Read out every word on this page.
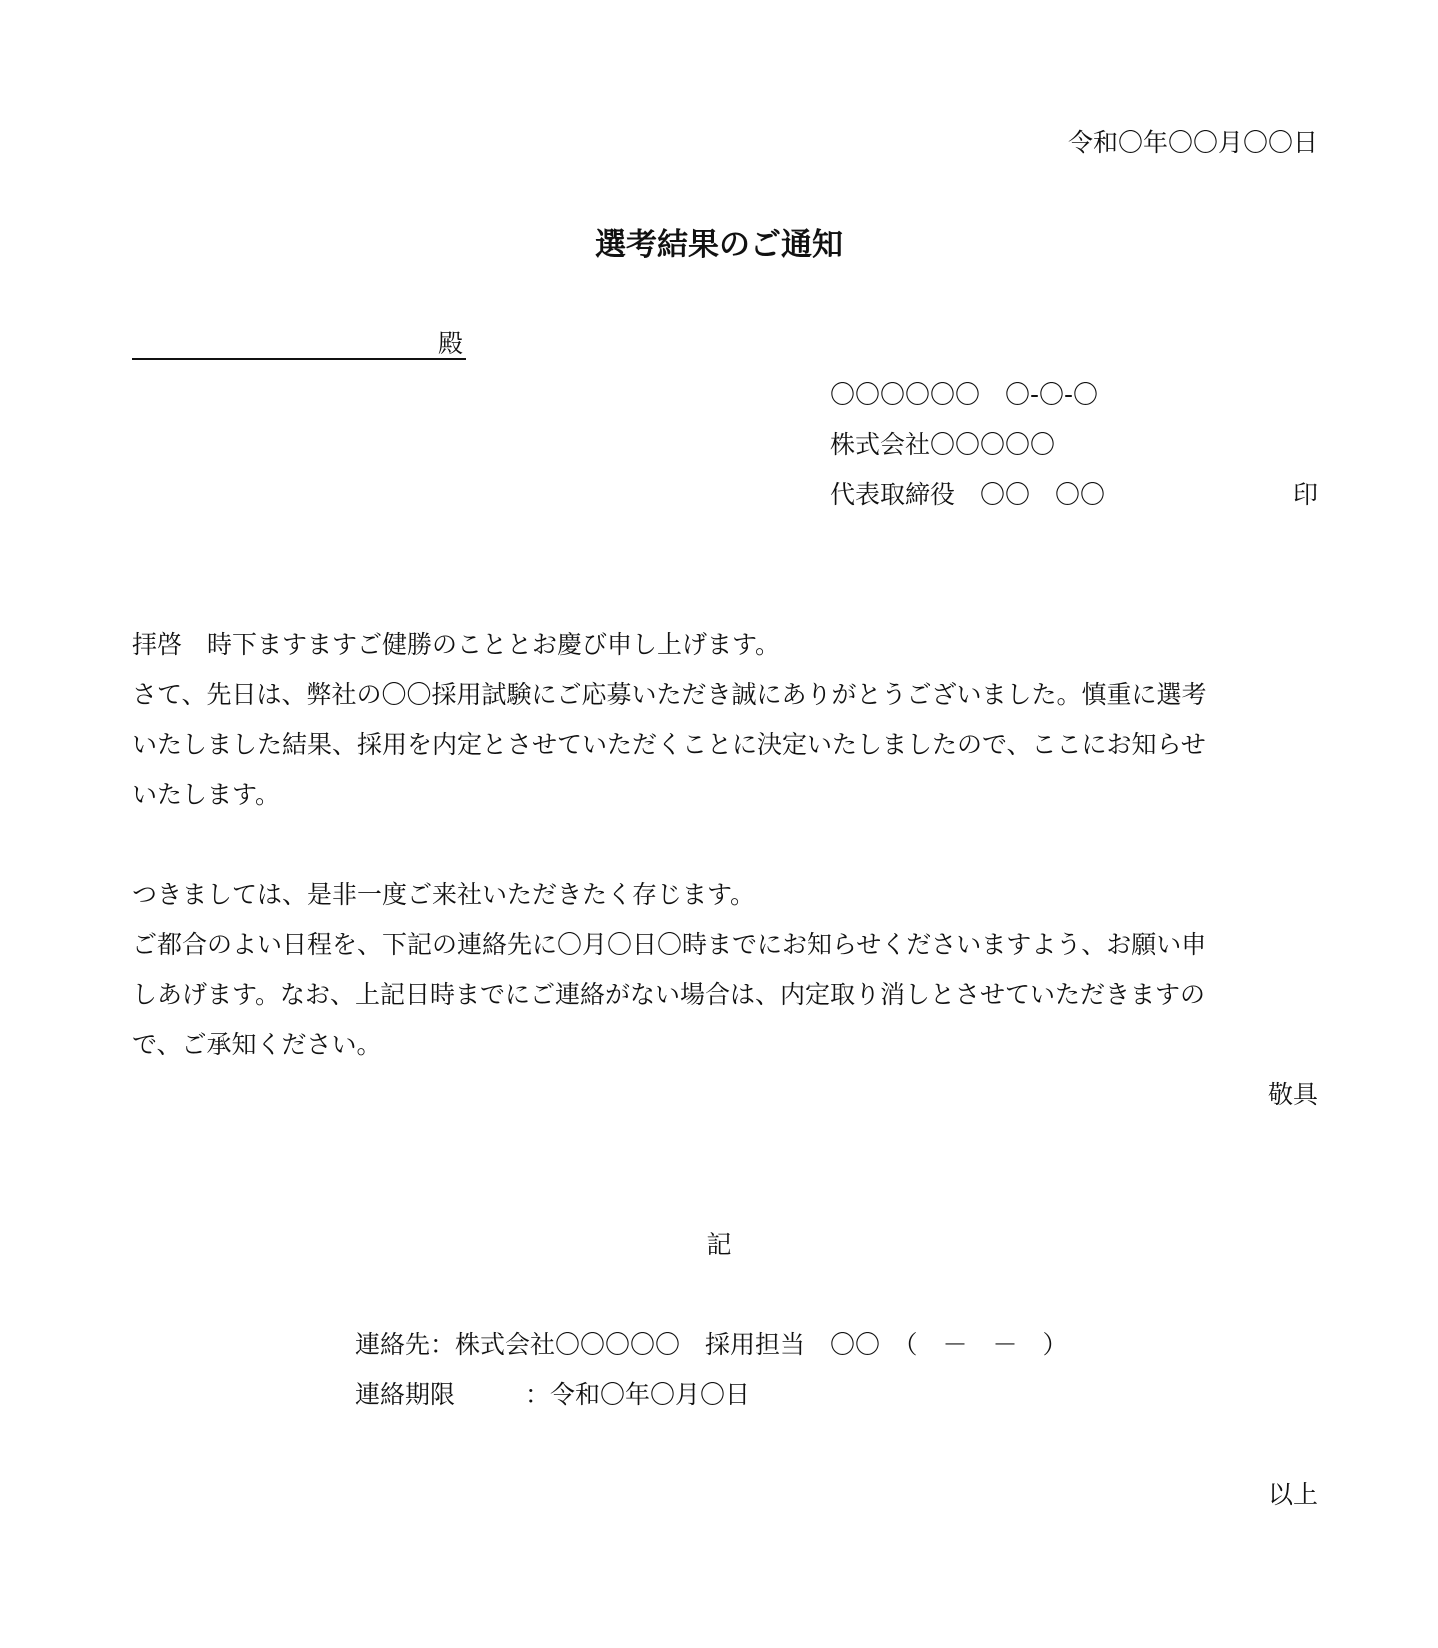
令和〇年〇〇月〇〇日

選考結果のご通知

殿

〇〇〇〇〇〇　〇-〇-〇

株式会社〇〇〇〇〇

代表取締役　〇〇　〇〇	印

拝啓　時下ますますご健勝のこととお慶び申し上げます。

さて、先日は、弊社の〇〇採用試験にご応募いただき誠にありがとうございました。慎重に選考
いたしました結果、採用を内定とさせていただくことに決定いたしましたので、ここにお知らせ
いたします。
つきましては、是非一度ご来社いただきたく存じます。
ご都合のよい日程を、下記の連絡先に〇月〇日〇時までにお知らせくださいますよう、お願い申
しあげます。なお、上記日時までにご連絡がない場合は、内定取り消しとさせていただきますの
で、ご承知ください。

敬具

記

連絡先：株式会社〇〇〇〇〇　採用担当　〇〇　（　－　－　）

連絡期限	：令和〇年〇月〇日

以上
